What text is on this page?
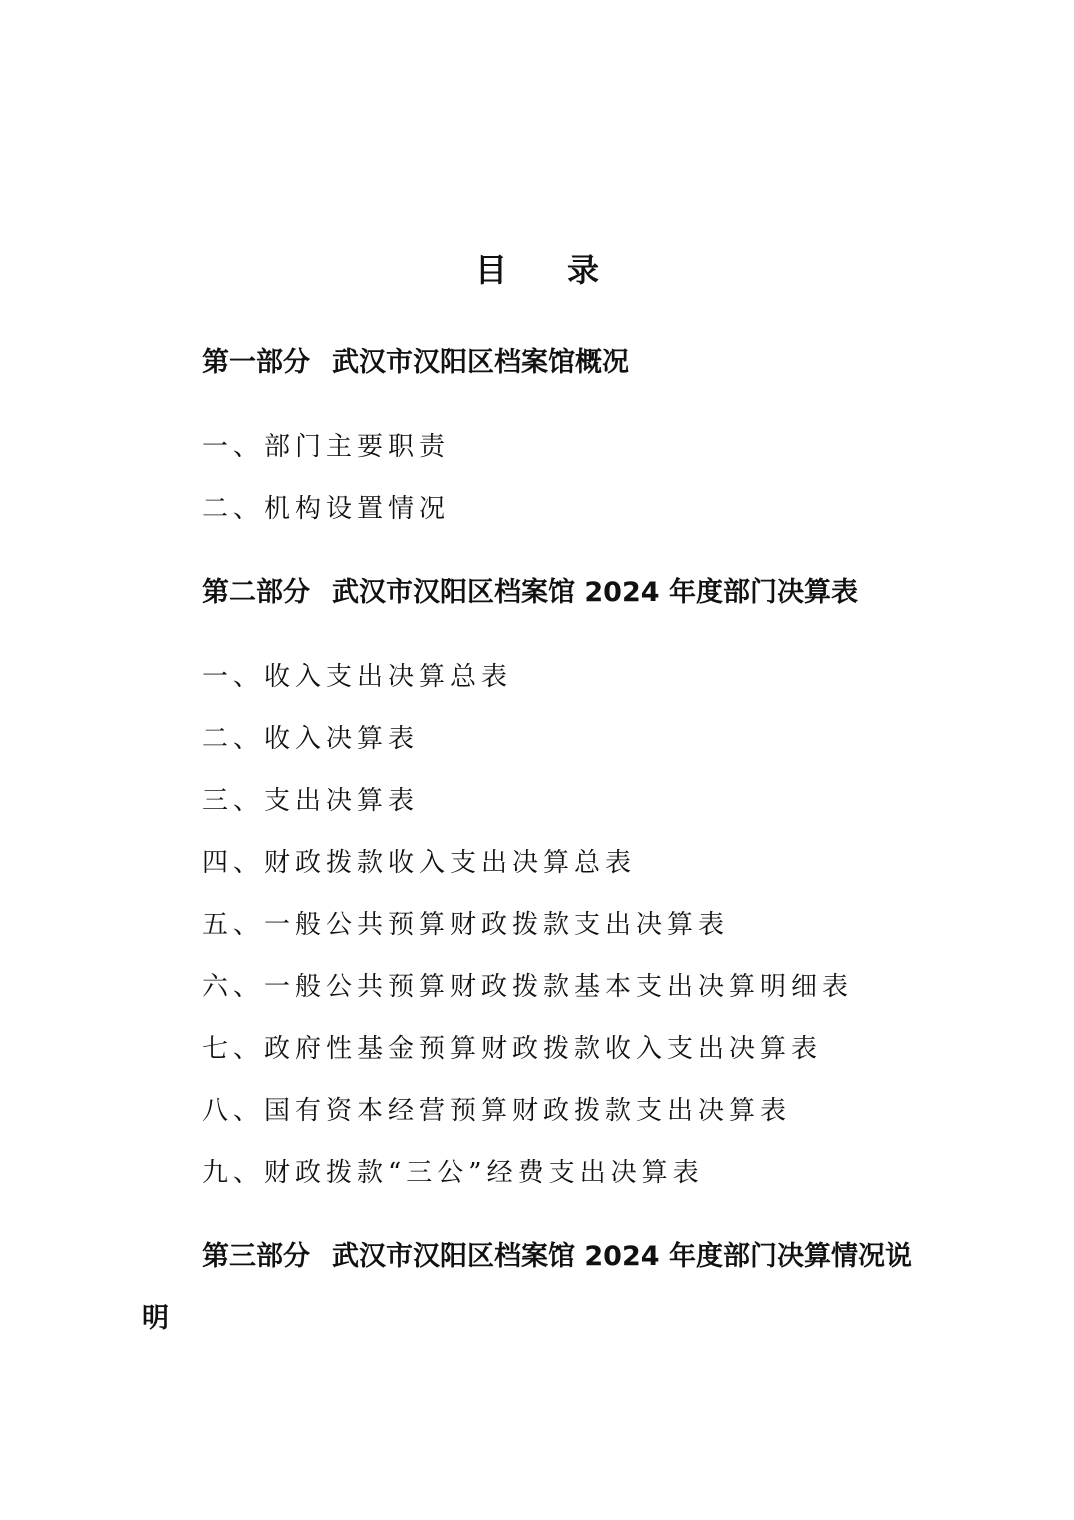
目录
第一部分 武汉市汉阳区档案馆概况
一、部门主要职责
二、机构设置情况
第二部分 武汉市汉阳区档案馆 2024 年度部门决算表
一、收入支出决算总表
二、收入决算表
三、支出决算表
四、财政拨款收入支出决算总表
五、一般公共预算财政拨款支出决算表
六、一般公共预算财政拨款基本支出决算明细表
七、政府性基金预算财政拨款收入支出决算表
八、国有资本经营预算财政拨款支出决算表
九、财政拨款“三公”经费支出决算表
第三部分 武汉市汉阳区档案馆 2024 年度部门决算情况说
明
